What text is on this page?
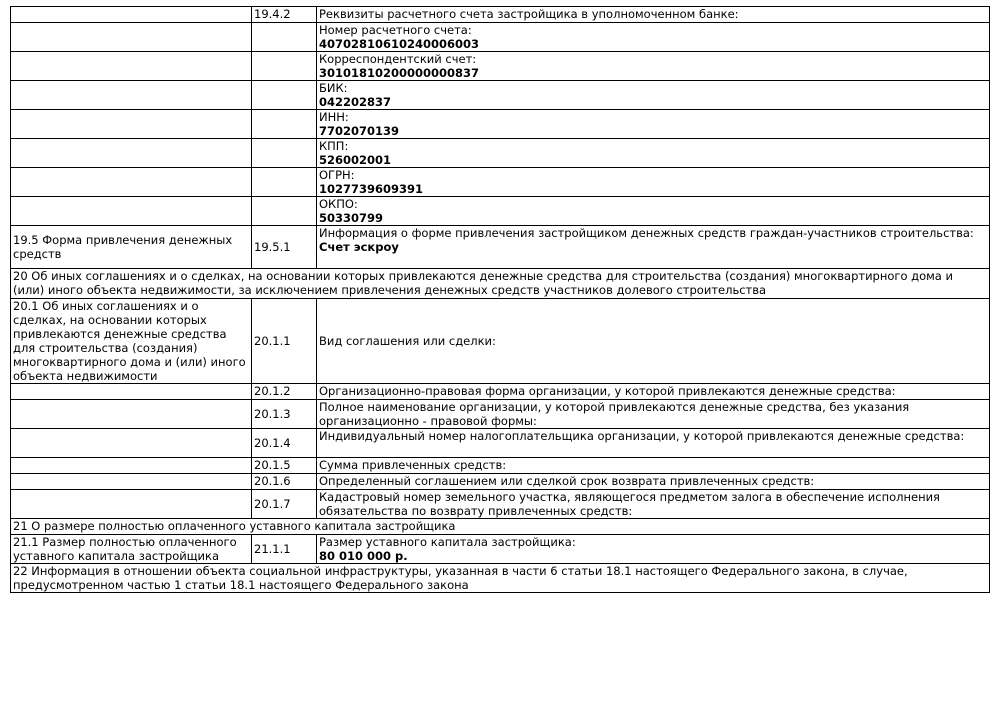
	19.4.2	Реквизиты расчетного счета застройщика в уполномоченном банке:

		Номер расчетного счета:
40702810610240006003

		Корреспондентский счет:
30101810200000000837

		БИК:
042202837

		ИНН:
7702070139

		КПП:
526002001

		ОГРН:
1027739609391

		ОКПО:
50330799
19.5 Форма привлечения денежных средств	19.5.1	Информация о форме привлечения застройщиком денежных средств граждан-участников строительства:
Счет эскроу
20 Об иных соглашениях и о сделках, на основании которых привлекаются денежные средства для строительства (создания) многоквартирного дома и (или) иного объекта недвижимости, за исключением привлечения денежных средств участников долевого строительства		
20.1 Об иных соглашениях и о сделках, на основании которых привлекаются денежные средства для строительства (создания) многоквартирного дома и (или) иного объекта недвижимости	20.1.1	Вид соглашения или сделки:
	20.1.2	Организационно-правовая форма организации, у которой привлекаются денежные средства:
	20.1.3	Полное наименование организации, у которой привлекаются денежные средства, без указания организационно - правовой формы:
	20.1.4	Индивидуальный номер налогоплательщика организации, у которой привлекаются денежные средства:
	20.1.5	Сумма привлеченных средств:
	20.1.6	Определенный соглашением или сделкой срок возврата привлеченных средств:
	20.1.7	Кадастровый номер земельного участка, являющегося предметом залога в обеспечение исполнения обязательства по возврату привлеченных средств:
21 О размере полностью оплаченного уставного капитала застройщика		
21.1 Размер полностью оплаченного уставного капитала застройщика	21.1.1	Размер уставного капитала застройщика:
80 010 000 р.
22 Информация в отношении объекта социальной инфраструктуры, указанная в части 6 статьи 18.1 настоящего Федерального закона, в случае, предусмотренном частью 1 статьи 18.1 настоящего Федерального закона		
